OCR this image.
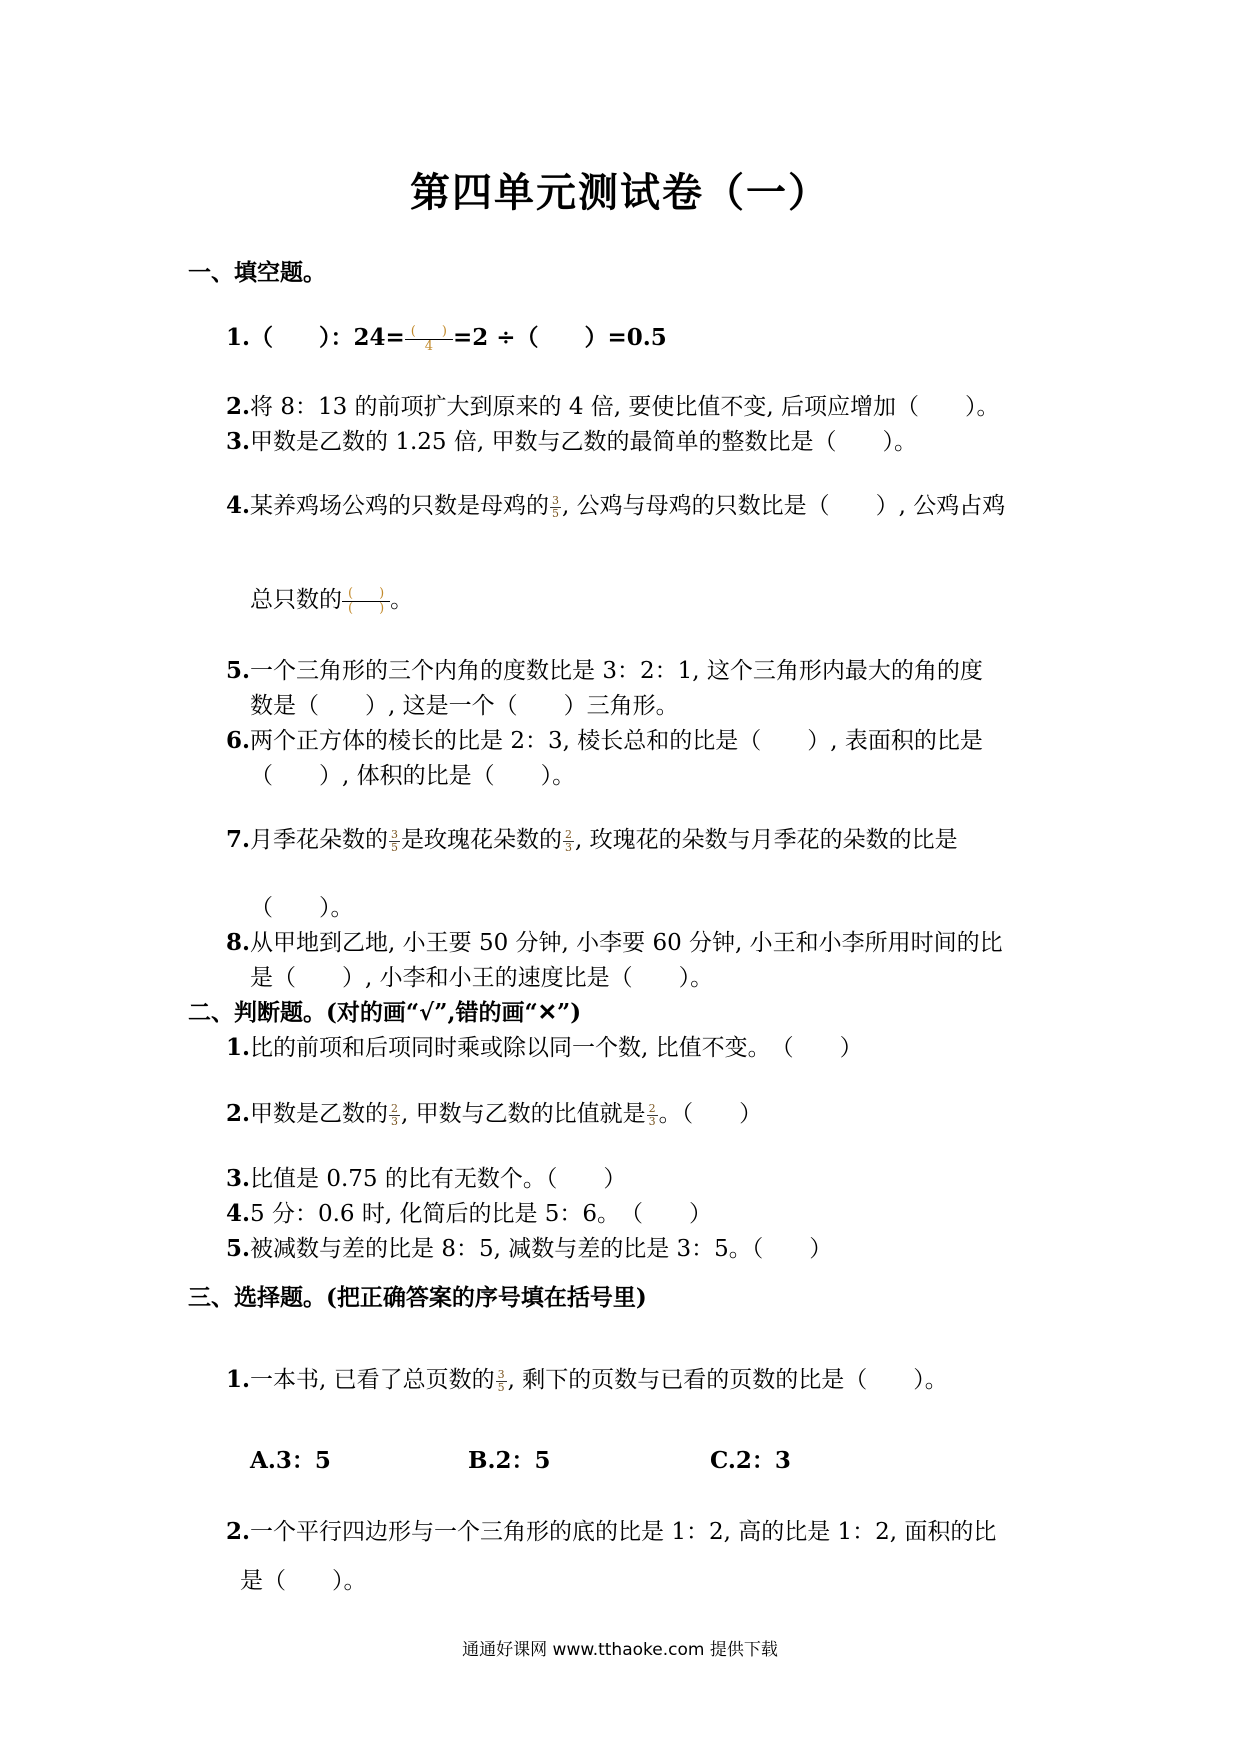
第四单元测试卷（一）
一、填空题。
1.（　　）：24= (　　)
4 =2 ÷（　　）=0.5
2.将 8：13 的前项扩大到原来的 4 倍, 要使比值不变, 后项应增加（　　）。
3.甲数是乙数的 1.25 倍, 甲数与乙数的最简单的整数比是（　　）。
4.某养鸡场公鸡的只数是母鸡的 $\frac{3}{5}$ , 公鸡与母鸡的只数比是（　　）, 公鸡占鸡
总只数的 (　　)
(　　) 。
5.一个三角形的三个内角的度数比是 3：2：1, 这个三角形内最大的角的度
数是（　　）, 这是一个（　　）三角形。
6.两个正方体的棱长的比是 2：3, 棱长总和的比是（　　）, 表面积的比是
（　　）, 体积的比是（　　）。
7.月季花朵数的 $\frac{3}{5}$ 是玫瑰花朵数的 $\frac{2}{3}$ , 玫瑰花的朵数与月季花的朵数的比是
（　　）。
8.从甲地到乙地, 小王要 50 分钟, 小李要 60 分钟, 小王和小李所用时间的比
是（　　）, 小李和小王的速度比是（　　）。
二、判断题。(对的画“√”,错的画“✕”)
1.比的前项和后项同时乘或除以同一个数, 比值不变。　（　　）
2.甲数是乙数的 $\frac{2}{3}$ , 甲数与乙数的比值就是 $\frac{2}{3}$ 。（　　）
3.比值是 0.75 的比有无数个。（　　）
4.5 分：0.6 时, 化简后的比是 5：6。　（　　）
5.被减数与差的比是 8：5, 减数与差的比是 3：5。（　　）
三、选择题。(把正确答案的序号填在括号里)
1.一本书, 已看了总页数的 $\frac{3}{5}$ , 剩下的页数与已看的页数的比是（　　）。
A.3：5	B.2：5	C.2：3
2.一个平行四边形与一个三角形的底的比是 1：2, 高的比是 1：2, 面积的比
是（　　）。
通通好课网 www.tthaoke.com 提供下载
